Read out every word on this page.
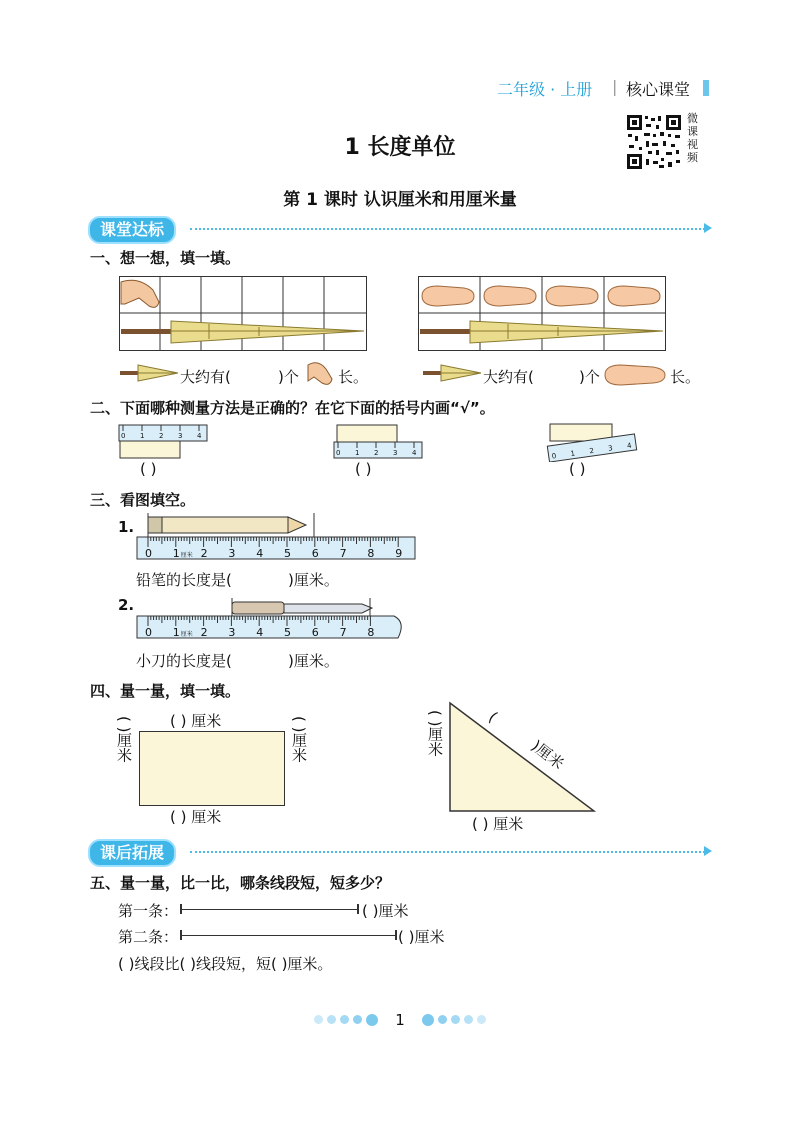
二年级 · 上册 | 核心课堂
微课视频
1 长度单位
第 1 课时 认识厘米和用厘米量
课堂达标
一、想一想，填一填。
大约有(	)个	长。	大约有(	)个	长。
二、下面哪种测量方法是正确的？在它下面的括号内画“√”。
0 1 2 3 4
( )
0 1 2 3 4
( )
0 1 2 3 4
( )
三、看图填空。
1.
0 1 厘米 2 3 4 5 6 7 8 9
铅笔的长度是(	)厘米。
2.
0 1 厘米 2 3 4 5 6 7 8
小刀的长度是(	)厘米。
四、量一量，填一填。
( ) 厘米
( ) 厘米
( )厘米	( )厘米	( )厘米	(
)厘米
( ) 厘米
课后拓展
五、量一量，比一比，哪条线段短，短多少？
第一条：	( )厘米
第二条：	( )厘米
( )线段比( )线段短，短( )厘米。
1
